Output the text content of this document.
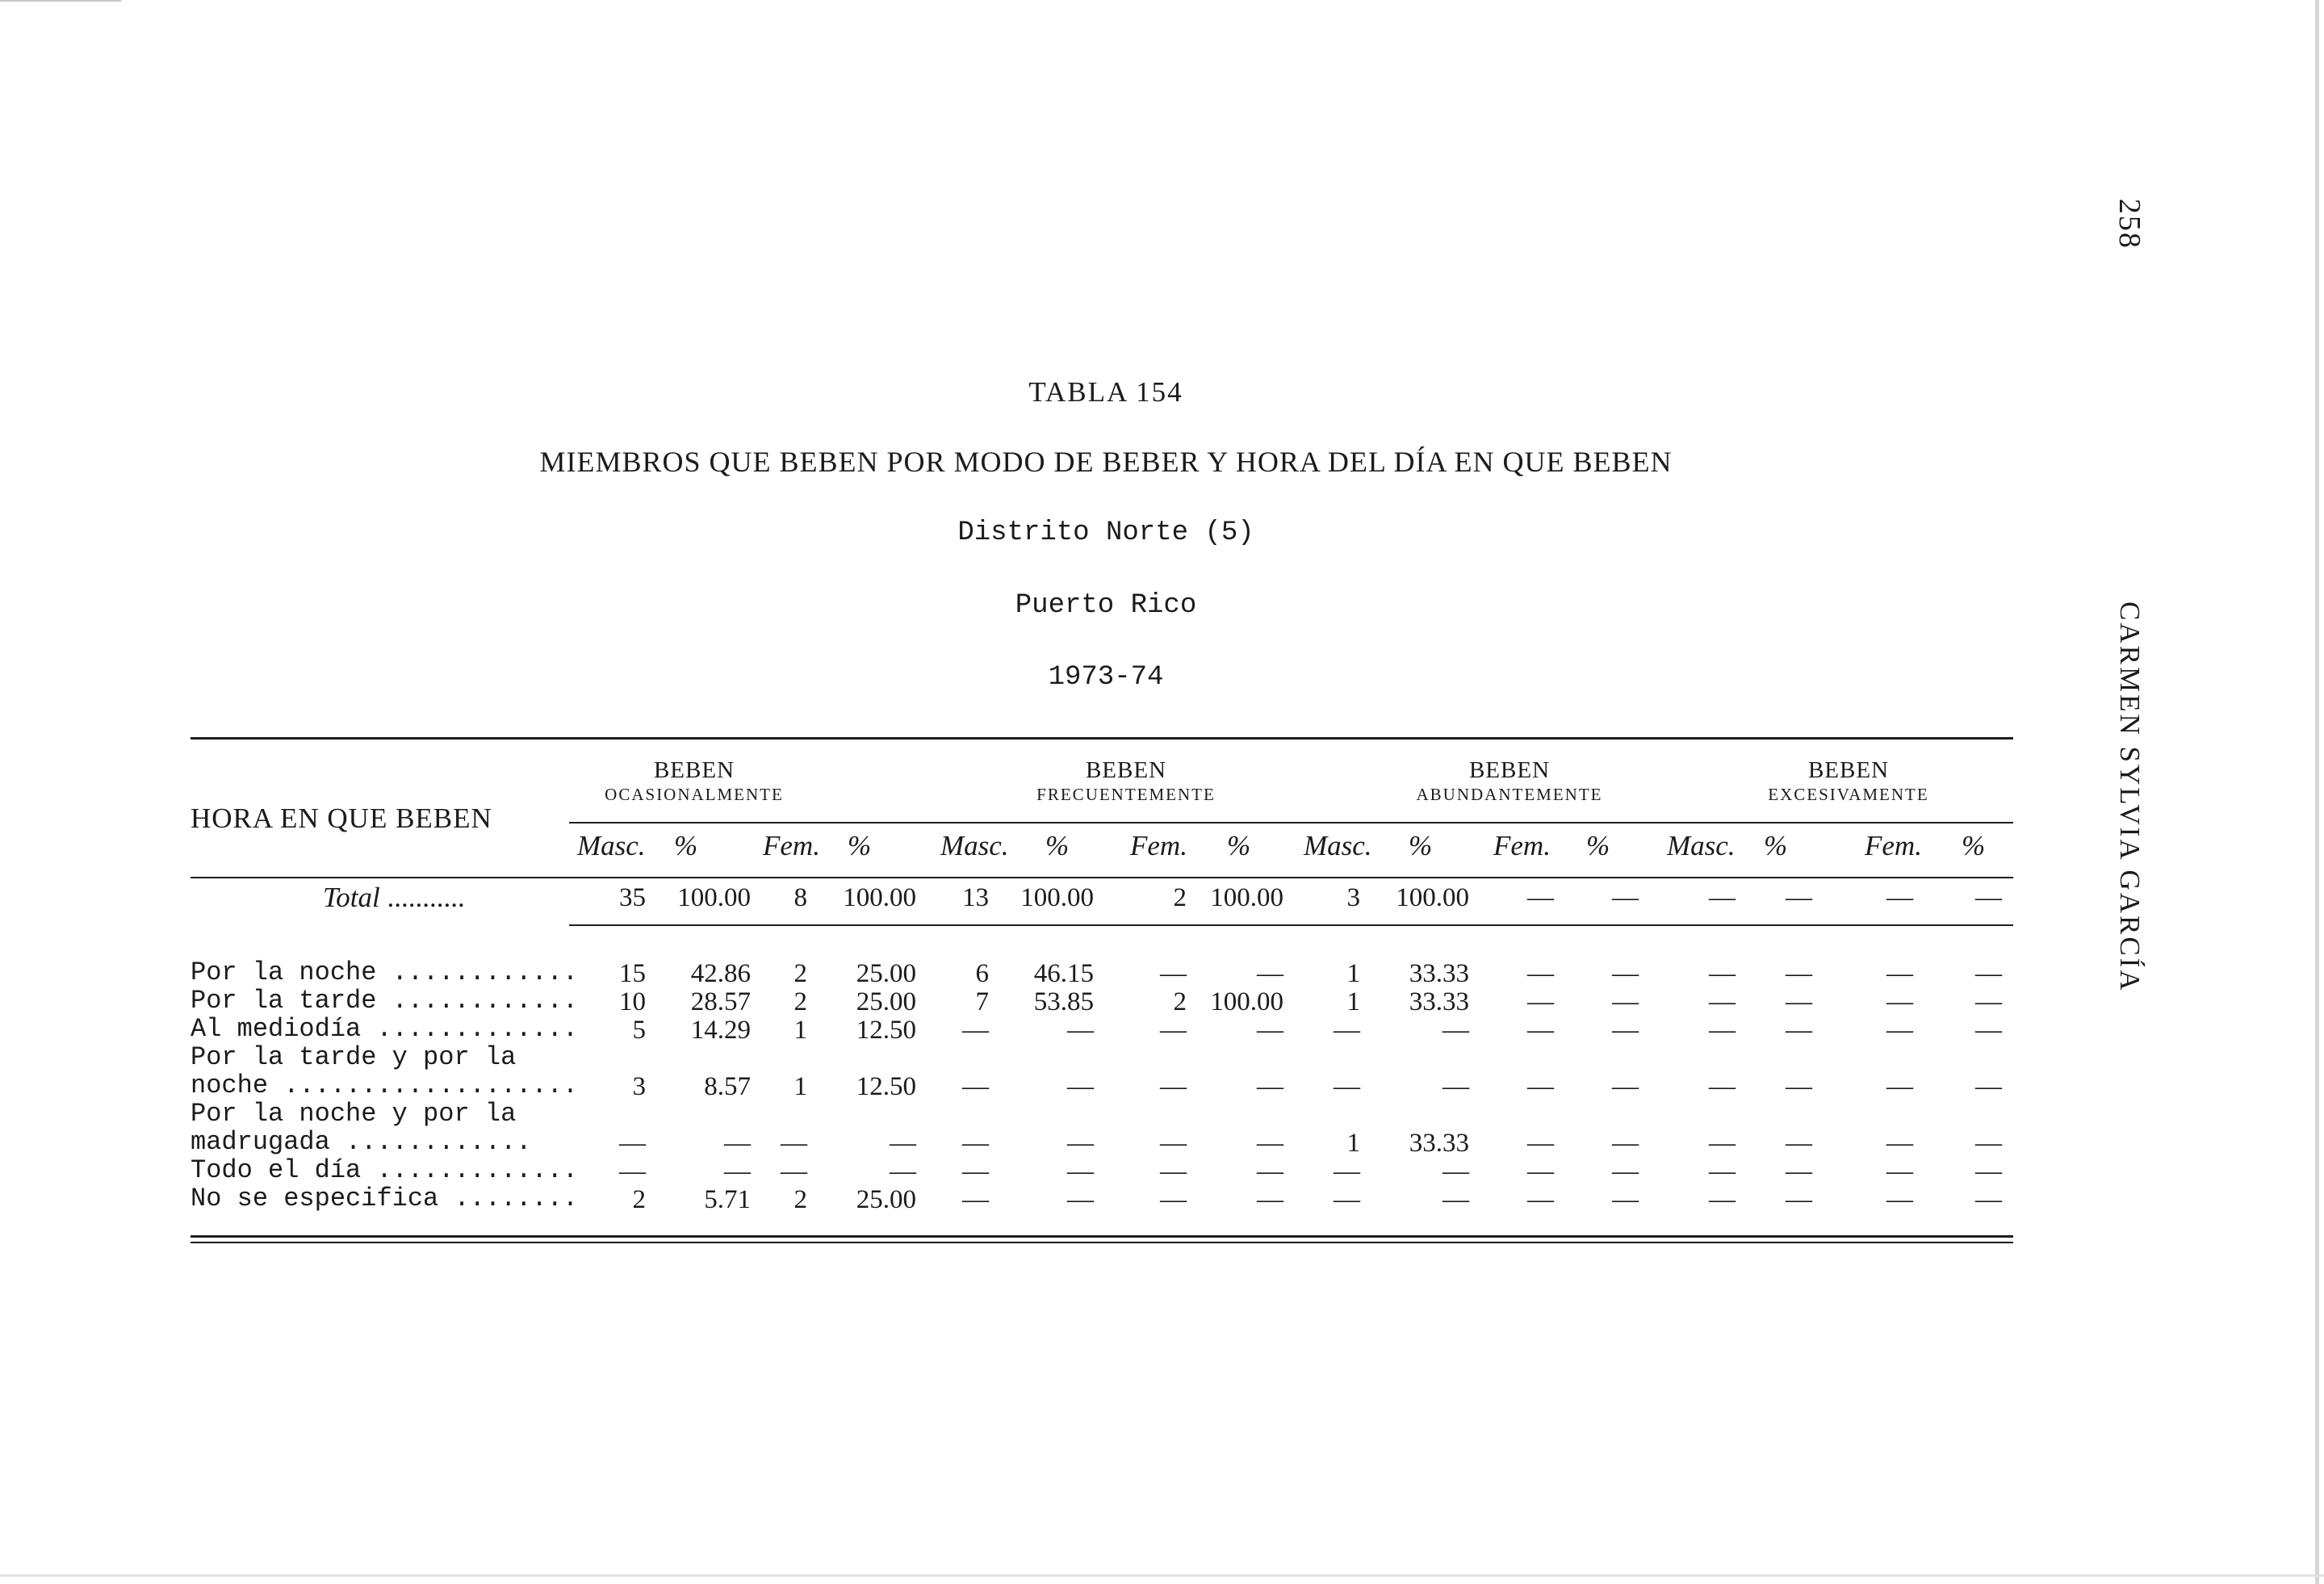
258
CARMEN SYLVIA GARCÍA
TABLA 154
MIEMBROS QUE BEBEN POR MODO DE BEBER Y HORA DEL DÍA EN QUE BEBEN
Distrito Norte (5)
Puerto Rico
1973-74
HORA EN QUE BEBEN
BEBEN
OCASIONALMENTE
BEBEN
FRECUENTEMENTE
BEBEN
ABUNDANTEMENTE
BEBEN
EXCESIVAMENTE
Masc. % Fem. % Masc. % Fem. % Masc. % Fem. % Masc. %	Fem. %
Total ...........	35	100.00	8	100.00 13	100.00	2 100.00	3	100.00	—	—	—	—	—	—
Por la noche ............	15	42.86	2	25.00	6	46.15	—	—	1	33.33	—	—	—	—	—	—
Por la tarde ............	10	28.57	2	25.00	7	53.85	2 100.00	1	33.33	—	—	—	—	—	—
Al mediodía .............	5	14.29	1	12.50 —	—	—	—	—	—	—	—	—	—	—	—
Por la tarde y por la
noche ...................	3	8.57	1	12.50 —	—	—	—	—	—	—	—	—	—	—	—
Por la noche y por la
madrugada ............	—	— —	— —	—	—	—	1	33.33	—	—	—	—	—	—
Todo el día .............	—	— —	— —	—	—	—	—	—	—	—	—	—	—	—
No se especifica ........	2	5.71	2	25.00 —	—	—	—	—	—	—	—	—	—	—	—
